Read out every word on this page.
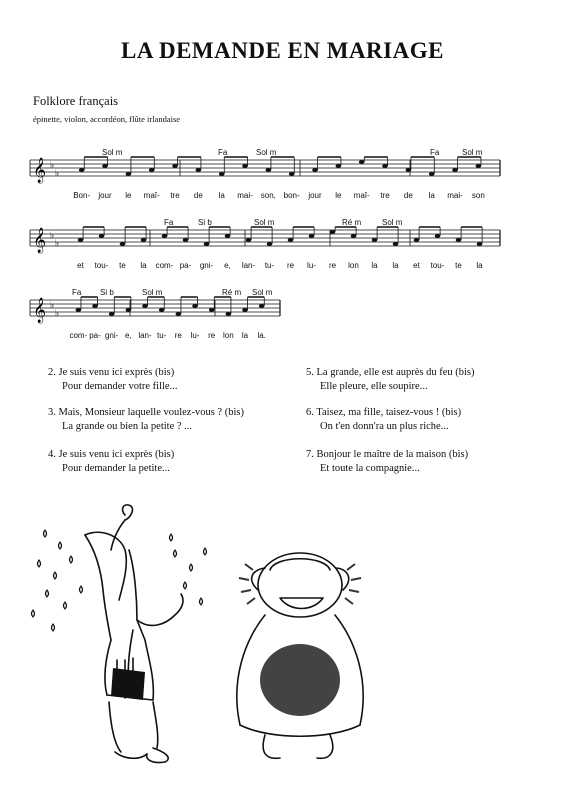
LA DEMANDE EN MARIAGE
Folklore français
épinette, violon, accordéon, flûte irlandaise
𝄞 ♭
♭
Sol m	Fa	Sol m	Fa	Sol m
Bon- jour le maî- tre de la mai- son, bon- jour le maî- tre de la mai- son
𝄞 ♭
♭
Fa	Si b	Sol m	Ré m	Sol m
et tou- te la com- pa- gni- e, lan- tu- re lu- re lon la la et tou- te la
𝄞 ♭
♭
Fa Si b	Sol m	Ré m Sol m
com- pa- gni- e, lan- tu- re lu- re lon la la.
2. Je suis venu ici exprès (bis)
Pour demander votre fille...
3. Mais, Monsieur laquelle voulez-vous ? (bis)
La grande ou bien la petite ? ...
4. Je suis venu ici exprès (bis)
Pour demander la petite...
5. La grande, elle est auprès du feu (bis)
Elle pleure, elle soupire...
6. Taisez, ma fille, taisez-vous ! (bis)
On t'en donn'ra un plus riche...
7. Bonjour le maître de la maison (bis)
Et toute la compagnie...
